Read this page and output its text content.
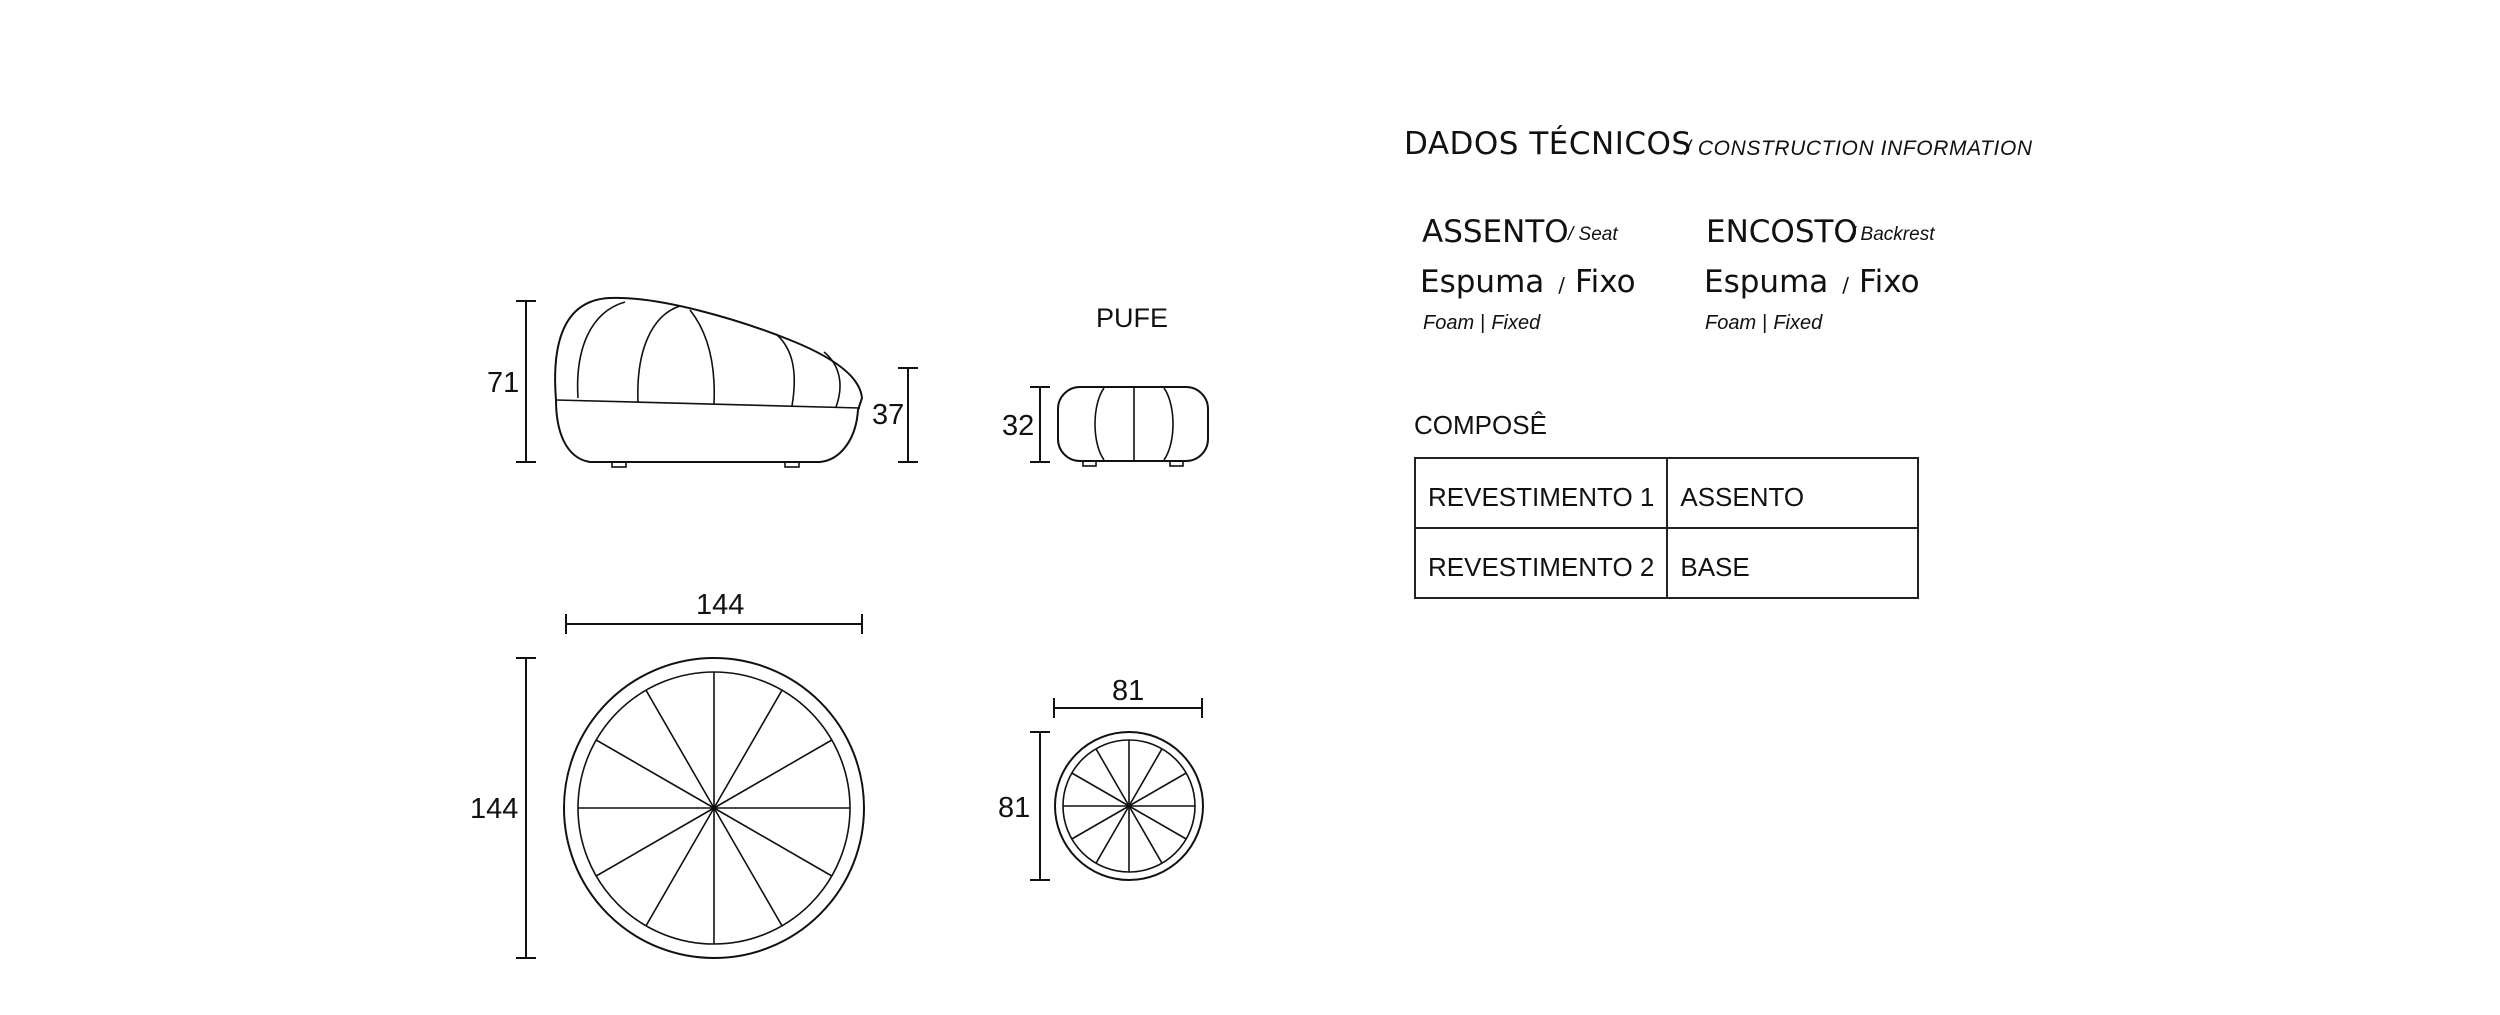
71
37
PUFE
32
144
144
81
81
DADOS TÉCNICOS
/ CONSTRUCTION INFORMATION
ASSENTO / Seat
Espuma / Fixo
Foam | Fixed
ENCOSTO
/ Backrest
Espuma / Fixo
Foam | Fixed
COMPOSÊ
REVESTIMENTO 1	ASSENTO
REVESTIMENTO 2	BASE
